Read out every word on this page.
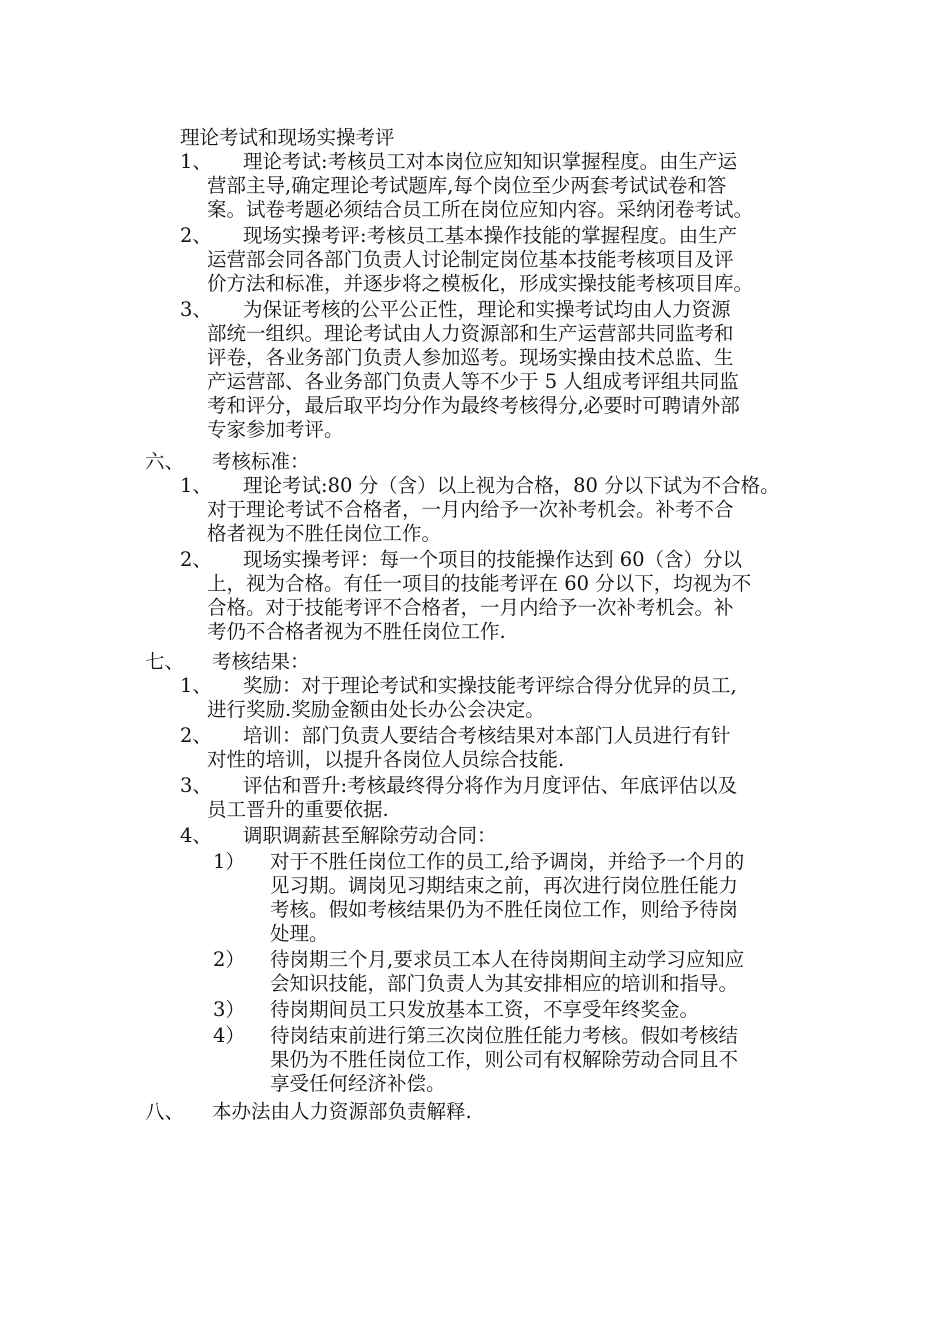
理论考试和现场实操考评
1、 理论考试:考核员工对本岗位应知知识掌握程度。由生产运
营部主导,确定理论考试题库,每个岗位至少两套考试试卷和答
案。试卷考题必须结合员工所在岗位应知内容。采纳闭卷考试。
2、 现场实操考评:考核员工基本操作技能的掌握程度。由生产
运营部会同各部门负责人讨论制定岗位基本技能考核项目及评
价方法和标准，并逐步将之模板化，形成实操技能考核项目库。
3、 为保证考核的公平公正性，理论和实操考试均由人力资源
部统一组织。理论考试由人力资源部和生产运营部共同监考和
评卷，各业务部门负责人参加巡考。现场实操由技术总监、生
产运营部、各业务部门负责人等不少于 5 人组成考评组共同监
考和评分，最后取平均分作为最终考核得分,必要时可聘请外部
专家参加考评。
六、 考核标准：
1、 理论考试:80 分（含）以上视为合格，80 分以下试为不合格。
对于理论考试不合格者，一月内给予一次补考机会。补考不合
格者视为不胜任岗位工作。
2、 现场实操考评：每一个项目的技能操作达到 60（含）分以
上，视为合格。有任一项目的技能考评在 60 分以下，均视为不
合格。对于技能考评不合格者，一月内给予一次补考机会。补
考仍不合格者视为不胜任岗位工作.
七、 考核结果：
1、 奖励：对于理论考试和实操技能考评综合得分优异的员工,
进行奖励.奖励金额由处长办公会决定。
2、 培训：部门负责人要结合考核结果对本部门人员进行有针
对性的培训，以提升各岗位人员综合技能.
3、 评估和晋升:考核最终得分将作为月度评估、年底评估以及
员工晋升的重要依据.
4、 调职调薪甚至解除劳动合同：
1） 对于不胜任岗位工作的员工,给予调岗，并给予一个月的
见习期。调岗见习期结束之前，再次进行岗位胜任能力
考核。假如考核结果仍为不胜任岗位工作，则给予待岗
处理。
2） 待岗期三个月,要求员工本人在待岗期间主动学习应知应
会知识技能，部门负责人为其安排相应的培训和指导。
3） 待岗期间员工只发放基本工资，不享受年终奖金。
4） 待岗结束前进行第三次岗位胜任能力考核。假如考核结
果仍为不胜任岗位工作，则公司有权解除劳动合同且不
享受任何经济补偿。
八、 本办法由人力资源部负责解释.
